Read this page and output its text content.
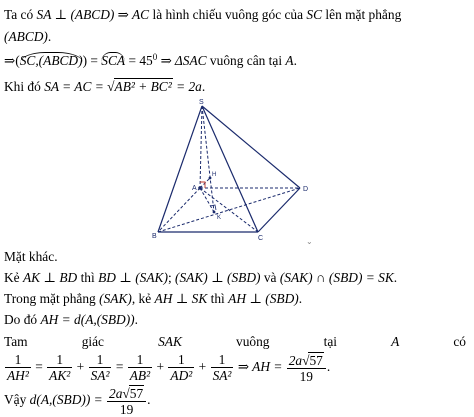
Ta có SA ⊥ (ABCD) ⇒ AC là hình chiếu vuông góc của SC lên mặt phẳng
(ABCD).
⇒(SC,(ABCD)) = SCA = $45^0$ ⇒ ΔSAC vuông cân tại A.
Khi đó SA = AC = √AB² + BC² = 2a.
S
A
B	C
D
H
K
⌄
Mặt khác.
Kẻ AK ⊥ BD thì BD ⊥ (SAK); (SAK) ⊥ (SBD) và (SAK) ∩ (SBD) = SK.
Trong mặt phẳng (SAK), kẻ AH ⊥ SK thì AH ⊥ (SBD).
Do đó AH = d(A,(SBD)).
Tam	giác	SAK	vuông	tại	A	có
$\frac{1}{\text{AH²}} = \frac{1}{\text{AK²}} + \frac{1}{\text{SA²}} = \frac{1}{\text{AB²}} + \frac{1}{\text{AD²}} + \frac{1}{\text{SA²}}$ ⇒ AH = $\frac{2a√57}{19}$ .
Vậy $d(A,(SBD)) = \frac{2a√57}{19}$ .
